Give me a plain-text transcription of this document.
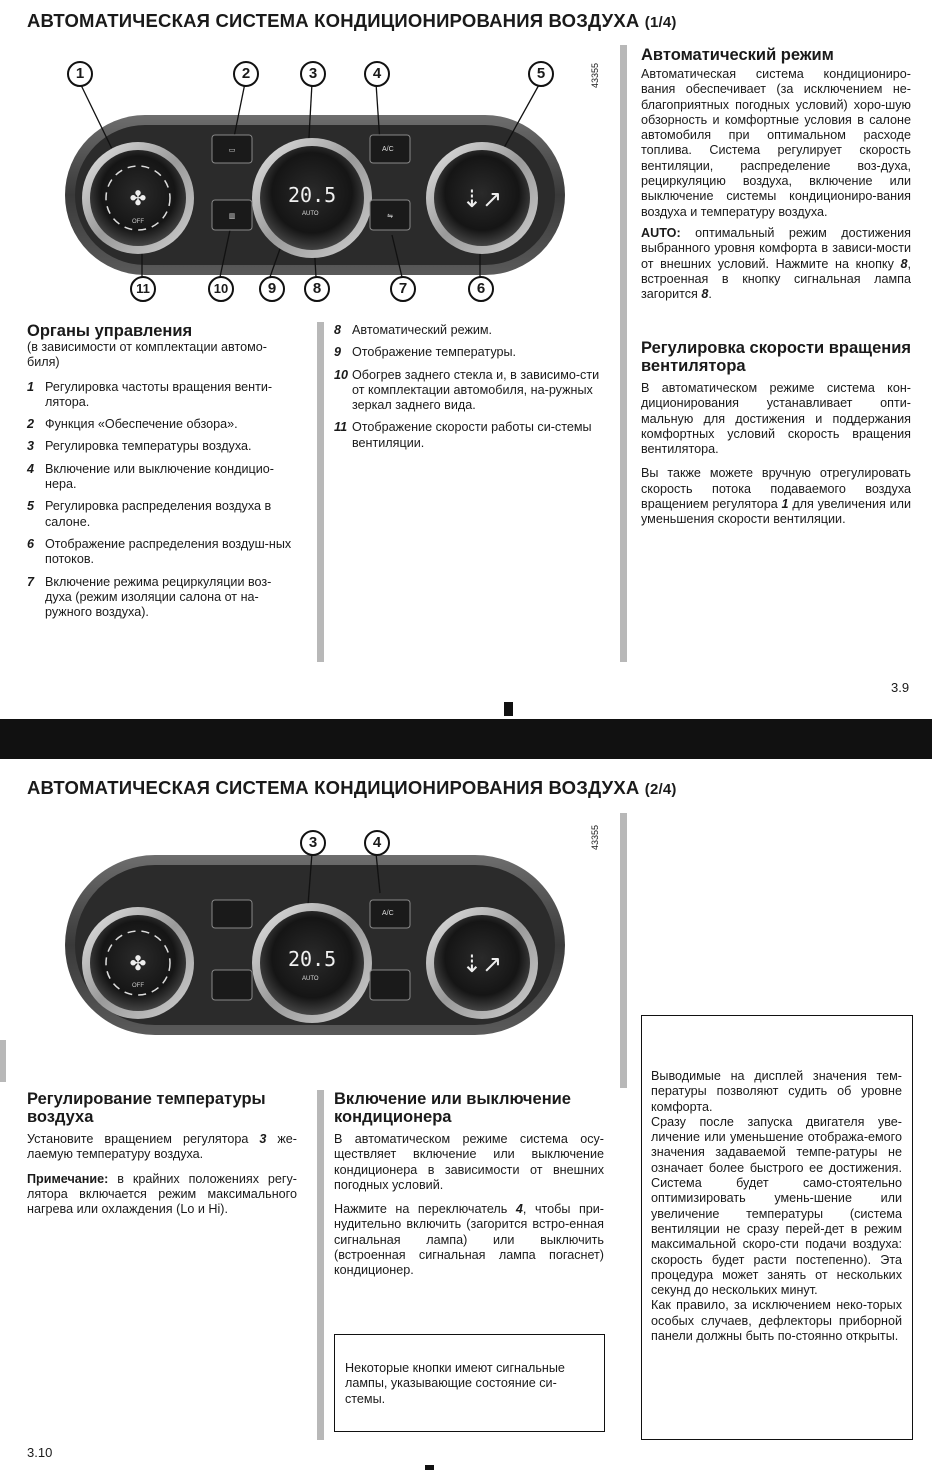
АВТОМАТИЧЕСКАЯ СИСТЕМА КОНДИЦИОНИРОВАНИЯ ВОЗДУХА (1/4)
✤	⇣↗
▭
▥	⇋
A/C
OFF
20.5
AUTO
1	2	3	4	5
11	10	9	8	7	6
43355
Органы управления
(в зависимости от комплектации автомо-биля)
1 Регулировка частоты вращения венти-лятора.
2 Функция «Обеспечение обзора».
3 Регулировка температуры воздуха.
4 Включение или выключение кондицио-нера.
5 Регулировка распределения воздуха в салоне.
6 Отображение распределения воздуш-ных потоков.
7 Включение режима рециркуляции воз-духа (режим изоляции салона от на-ружного воздуха).
8 Автоматический режим.
9 Отображение температуры.
10 Обогрев заднего стекла и, в зависимо-сти от комплектации автомобиля, на-ружных зеркал заднего вида.
11 Отображение скорости работы си-стемы вентиляции.
Автоматический режим
Автоматическая система кондициониро-вания обеспечивает (за исключением не-благоприятных погодных условий) хоро-шую обзорность и комфортные условия в салоне автомобиля при оптимальном расходе топлива. Система регулирует скорость вентиляции, распределение воз-духа, рециркуляцию воздуха, включение или выключение системы кондициониро-вания воздуха и температуру воздуха.
AUTO: оптимальный режим достижения выбранного уровня комфорта в зависи-мости от внешних условий. Нажмите на кнопку 8, встроенная в кнопку сигнальная лампа загорится 8.
Регулировка скорости вращения вентилятора
В автоматическом режиме система кон-диционирования устанавливает опти-мальную для достижения и поддержания комфортных условий скорость вращения вентилятора.
Вы также можете вручную отрегулировать скорость потока подаваемого воздуха вращением регулятора 1 для увеличения или уменьшения скорости вентиляции.
3.9
АВТОМАТИЧЕСКАЯ СИСТЕМА КОНДИЦИОНИРОВАНИЯ ВОЗДУХА (2/4)
✤	⇣↗
A/C
OFF
20.5
AUTO
3	4	43355
Регулирование температуры воздуха
Установите вращением регулятора 3 же-лаемую температуру воздуха.
Примечание: в крайних положениях регу-лятора включается режим максимального нагрева или охлаждения (Lo и Hi).
Включение или выключение кондиционера
В автоматическом режиме система осу-ществляет включение или выключение кондиционера в зависимости от внешних погодных условий.
Нажмите на переключатель 4, чтобы при-нудительно включить (загорится встро-енная сигнальная лампа) или выключить (встроенная сигнальная лампа погаснет) кондиционер.
Некоторые кнопки имеют сигнальные лампы, указывающие состояние си-стемы.
Выводимые на дисплей значения тем-пературы позволяют судить об уровне комфорта.
Сразу после запуска двигателя уве-личение или уменьшение отобража-емого значения задаваемой темпе-ратуры не означает более быстрого ее достижения. Система будет само-стоятельно оптимизировать умень-шение или увеличение температуры (система вентиляции не сразу перей-дет в режим максимальной скоро-сти подачи воздуха: скорость будет расти постепенно). Эта процедура может занять от нескольких секунд до нескольких минут.
Как правило, за исключением неко-торых особых случаев, дефлекторы приборной панели должны быть по-стоянно открыты.
3.10
